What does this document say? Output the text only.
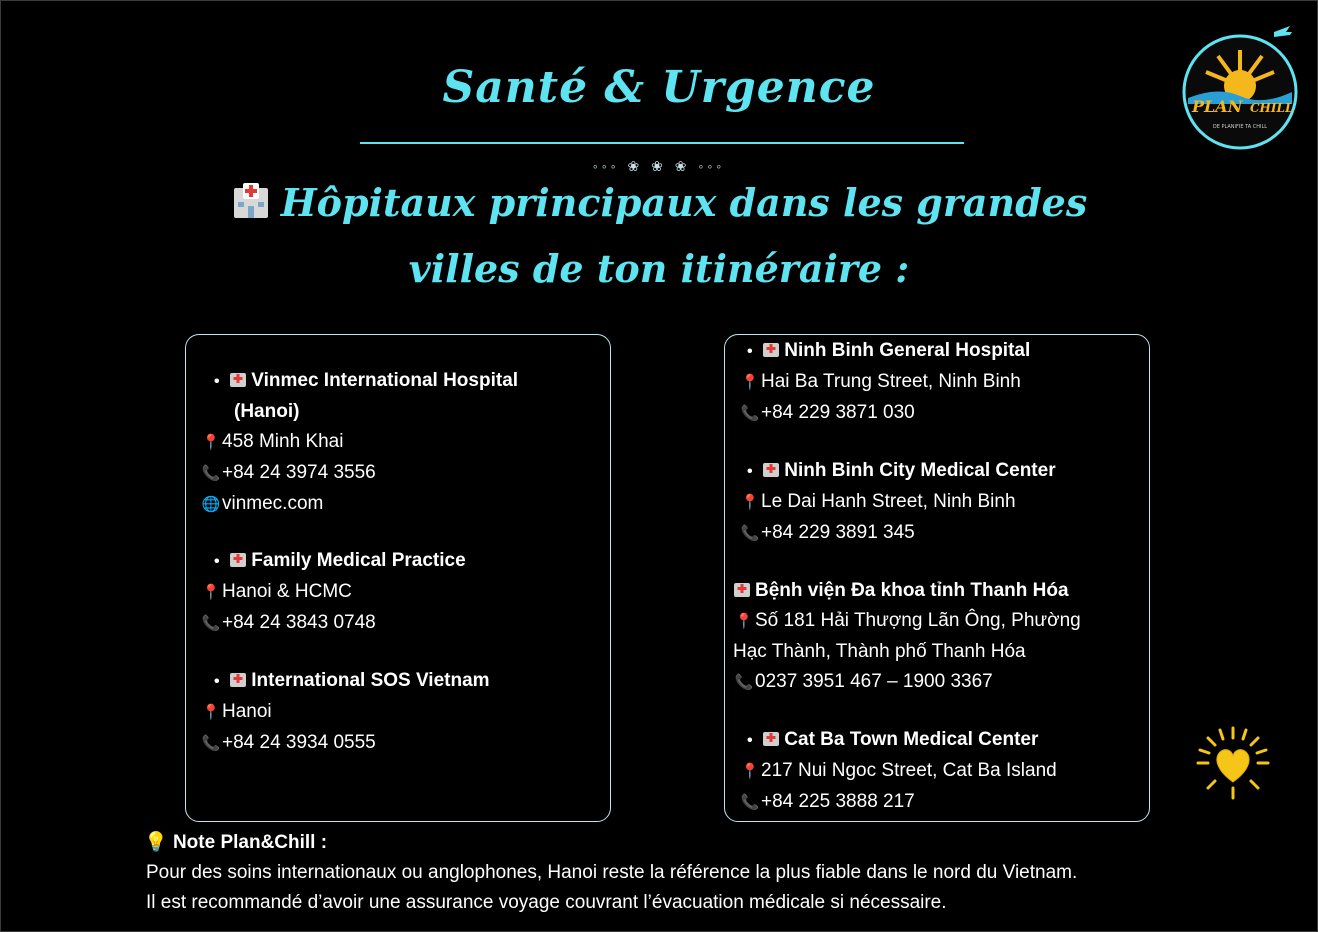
PLAN CHILL
DE PLANIFIE TA CHILL
Santé & Urgence
◦◦◦ ❀ ❀ ❀ ◦◦◦
Hôpitaux principaux dans les grandes
villes de ton itinéraire :
• Vinmec International Hospital
(Hanoi)
📍458 Minh Khai
📞+84 24 3974 3556
🌐vinmec.com
• Family Medical Practice
📍Hanoi & HCMC
📞+84 24 3843 0748
• International SOS Vietnam
📍Hanoi
📞+84 24 3934 0555
• Ninh Binh General Hospital
📍Hai Ba Trung Street, Ninh Binh
📞+84 229 3871 030
• Ninh Binh City Medical Center
📍Le Dai Hanh Street, Ninh Binh
📞+84 229 3891 345
Bệnh viện Đa khoa tỉnh Thanh Hóa
📍Số 181 Hải Thượng Lãn Ông, Phường
Hạc Thành, Thành phố Thanh Hóa
📞0237 3951 467 – 1900 3367
• Cat Ba Town Medical Center
📍217 Nui Ngoc Street, Cat Ba Island
📞+84 225 3888 217
💡 Note Plan&Chill :
Pour des soins internationaux ou anglophones, Hanoi reste la référence la plus fiable dans le nord du Vietnam.
Il est recommandé d’avoir une assurance voyage couvrant l’évacuation médicale si nécessaire.
